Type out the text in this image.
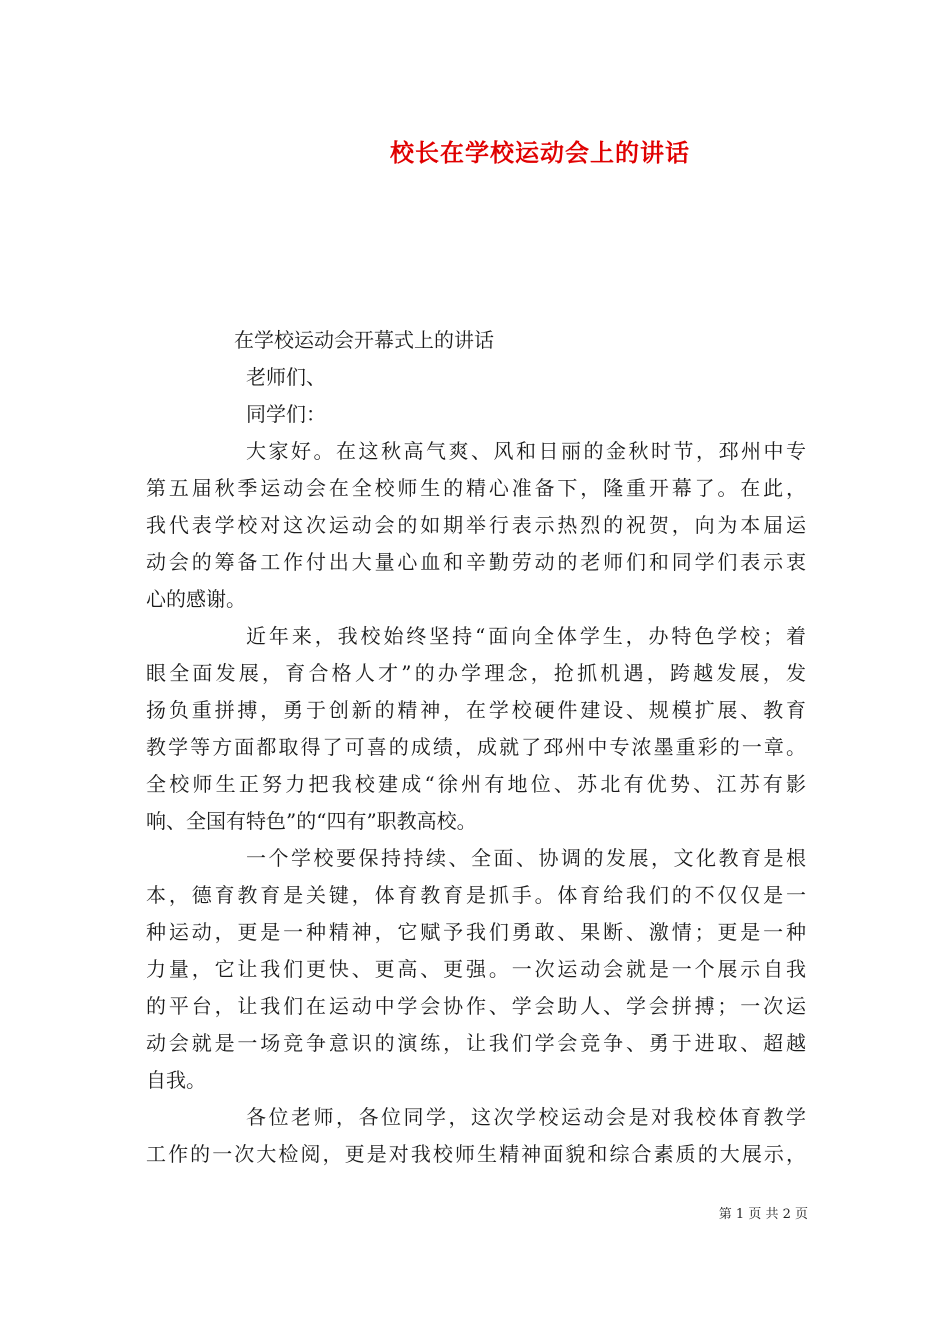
校长在学校运动会上的讲话
在学校运动会开幕式上的讲话
老师们、
同学们：
大家好。在这秋高气爽、风和日丽的金秋时节，邳州中专
第五届秋季运动会在全校师生的精心准备下，隆重开幕了。在此，
我代表学校对这次运动会的如期举行表示热烈的祝贺，向为本届运
动会的筹备工作付出大量心血和辛勤劳动的老师们和同学们表示衷
心的感谢。
近年来，我校始终坚持“面向全体学生，办特色学校；着
眼全面发展，育合格人才”的办学理念，抢抓机遇，跨越发展，发
扬负重拼搏，勇于创新的精神，在学校硬件建设、规模扩展、教育
教学等方面都取得了可喜的成绩，成就了邳州中专浓墨重彩的一章。
全校师生正努力把我校建成“徐州有地位、苏北有优势、江苏有影
响、全国有特色”的“四有”职教高校。
一个学校要保持持续、全面、协调的发展，文化教育是根
本，德育教育是关键，体育教育是抓手。体育给我们的不仅仅是一
种运动，更是一种精神，它赋予我们勇敢、果断、激情；更是一种
力量，它让我们更快、更高、更强。一次运动会就是一个展示自我
的平台，让我们在运动中学会协作、学会助人、学会拼搏；一次运
动会就是一场竞争意识的演练，让我们学会竞争、勇于进取、超越
自我。
各位老师，各位同学，这次学校运动会是对我校体育教学
工作的一次大检阅，更是对我校师生精神面貌和综合素质的大展示，
第 1 页 共 2 页
